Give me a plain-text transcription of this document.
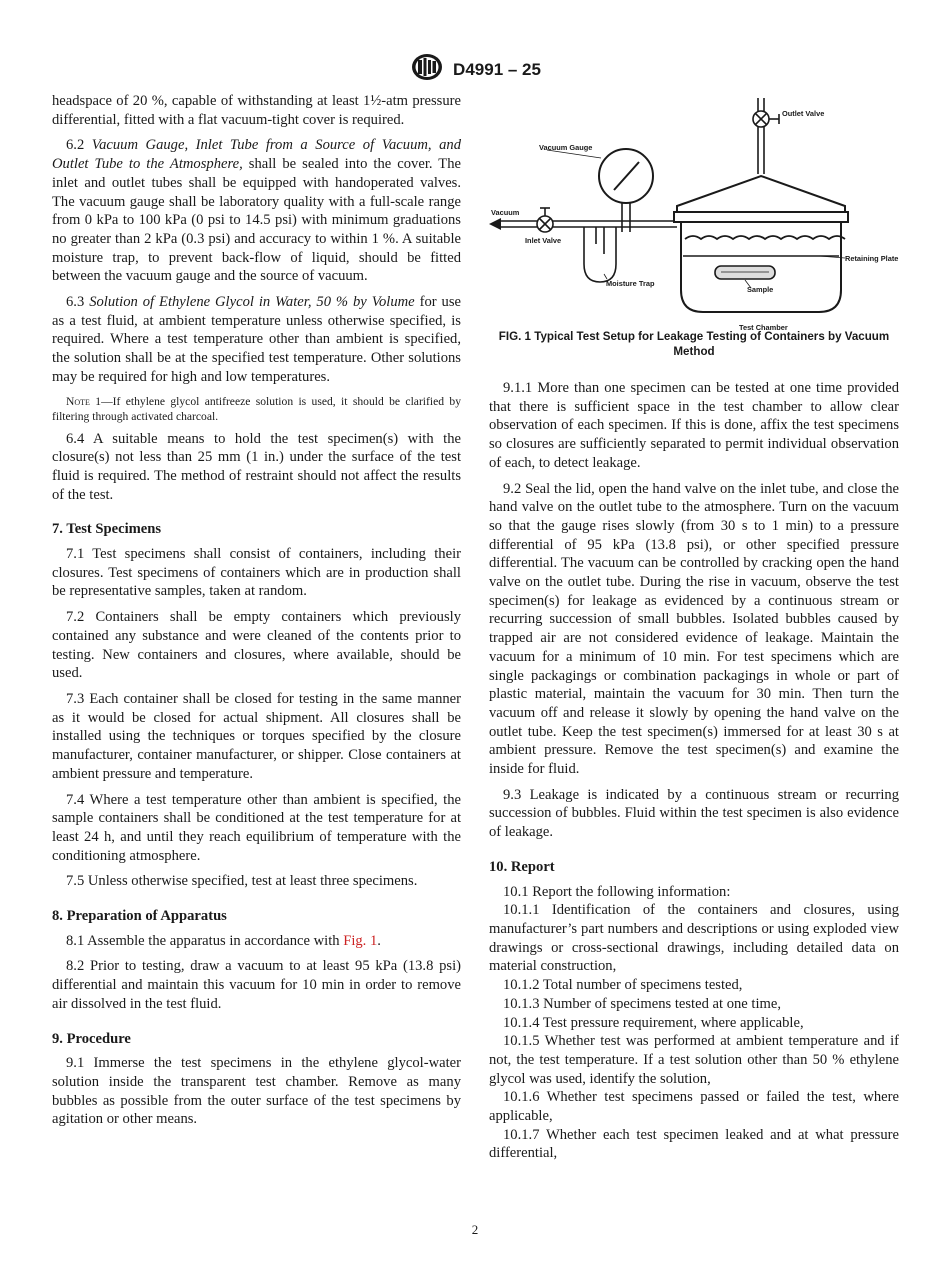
D4991 – 25

headspace of 20 %, capable of withstanding at least 1½-atm pressure differential, fitted with a flat vacuum-tight cover is required.

6.2 Vacuum Gauge, Inlet Tube from a Source of Vacuum, and Outlet Tube to the Atmosphere, shall be sealed into the cover. The inlet and outlet tubes shall be equipped with handoperated valves. The vacuum gauge shall be laboratory quality with a full-scale range from 0 kPa to 100 kPa (0 psi to 14.5 psi) with minimum graduations no greater than 2 kPa (0.3 psi) and accuracy to within 1 %. A suitable moisture trap, to prevent back-flow of liquid, should be fitted between the vacuum gauge and the source of vacuum.

6.3 Solution of Ethylene Glycol in Water, 50 % by Volume for use as a test fluid, at ambient temperature unless otherwise specified, is required. Where a test temperature other than ambient is specified, the solution shall be at the specified test temperature. Other solutions may be required for high and low temperatures.

Note 1—If ethylene glycol antifreeze solution is used, it should be clarified by filtering through activated charcoal.

6.4 A suitable means to hold the test specimen(s) with the closure(s) not less than 25 mm (1 in.) under the surface of the test fluid is required. The method of restraint should not affect the results of the test.

7. Test Specimens

7.1 Test specimens shall consist of containers, including their closures. Test specimens of containers which are in production shall be representative samples, taken at random.

7.2 Containers shall be empty containers which previously contained any substance and were cleaned of the contents prior to testing. New containers and closures, where available, should be used.

7.3 Each container shall be closed for testing in the same manner as it would be closed for actual shipment. All closures shall be installed using the techniques or torques specified by the closure manufacturer, container manufacturer, or shipper. Close containers at ambient pressure and temperature.

7.4 Where a test temperature other than ambient is specified, the sample containers shall be conditioned at the test temperature for at least 24 h, and until they reach equilibrium of temperature with the conditioning atmosphere.

7.5 Unless otherwise specified, test at least three specimens.

8. Preparation of Apparatus

8.1 Assemble the apparatus in accordance with Fig. 1.

8.2 Prior to testing, draw a vacuum to at least 95 kPa (13.8 psi) differential and maintain this vacuum for 10 min in order to remove air dissolved in the test fluid.

9. Procedure

9.1 Immerse the test specimens in the ethylene glycol-water solution inside the transparent test chamber. Remove as many bubbles as possible from the outer surface of the test specimens by agitation or other means.

Outlet Valve
Vacuum Gauge
Vacuum
Inlet Valve
Retaining Plate
Sample
Moisture Trap
Test Chamber
FIG. 1 Typical Test Setup for Leakage Testing of Containers by Vacuum Method

9.1.1 More than one specimen can be tested at one time provided that there is sufficient space in the test chamber to allow clear observation of each specimen. If this is done, affix the test specimens so closures are sufficiently separated to permit individual observation of each, to detect leakage.

9.2 Seal the lid, open the hand valve on the inlet tube, and close the hand valve on the outlet tube to the atmosphere. Turn on the vacuum so that the gauge rises slowly (from 30 s to 1 min) to a pressure differential of 95 kPa (13.8 psi), or other specified pressure differential. The vacuum can be controlled by cracking open the hand valve on the outlet tube. During the rise in vacuum, observe the test specimen(s) for leakage as evidenced by a continuous stream or recurring succession of small bubbles. Isolated bubbles caused by trapped air are not considered evidence of leakage. Maintain the vacuum for a minimum of 10 min. For test specimens which are single packagings or combination packagings in whole or part of plastic material, maintain the vacuum for 30 min. Then turn the vacuum off and release it slowly by opening the hand valve on the outlet tube. Keep the test specimen(s) immersed for at least 30 s at ambient pressure. Remove the test specimen(s) and examine the inside for fluid.

9.3 Leakage is indicated by a continuous stream or recurring succession of bubbles. Fluid within the test specimen is also evidence of leakage.

10. Report

10.1 Report the following information:

10.1.1 Identification of the containers and closures, using manufacturer’s part numbers and descriptions or using exploded view drawings or cross-sectional drawings, including detailed data on material construction,

10.1.2 Total number of specimens tested,

10.1.3 Number of specimens tested at one time,

10.1.4 Test pressure requirement, where applicable,

10.1.5 Whether test was performed at ambient temperature and if not, the test temperature. If a test solution other than 50 % ethylene glycol was used, identify the solution,

10.1.6 Whether test specimens passed or failed the test, where applicable,

10.1.7 Whether each test specimen leaked and at what pressure differential,

2
